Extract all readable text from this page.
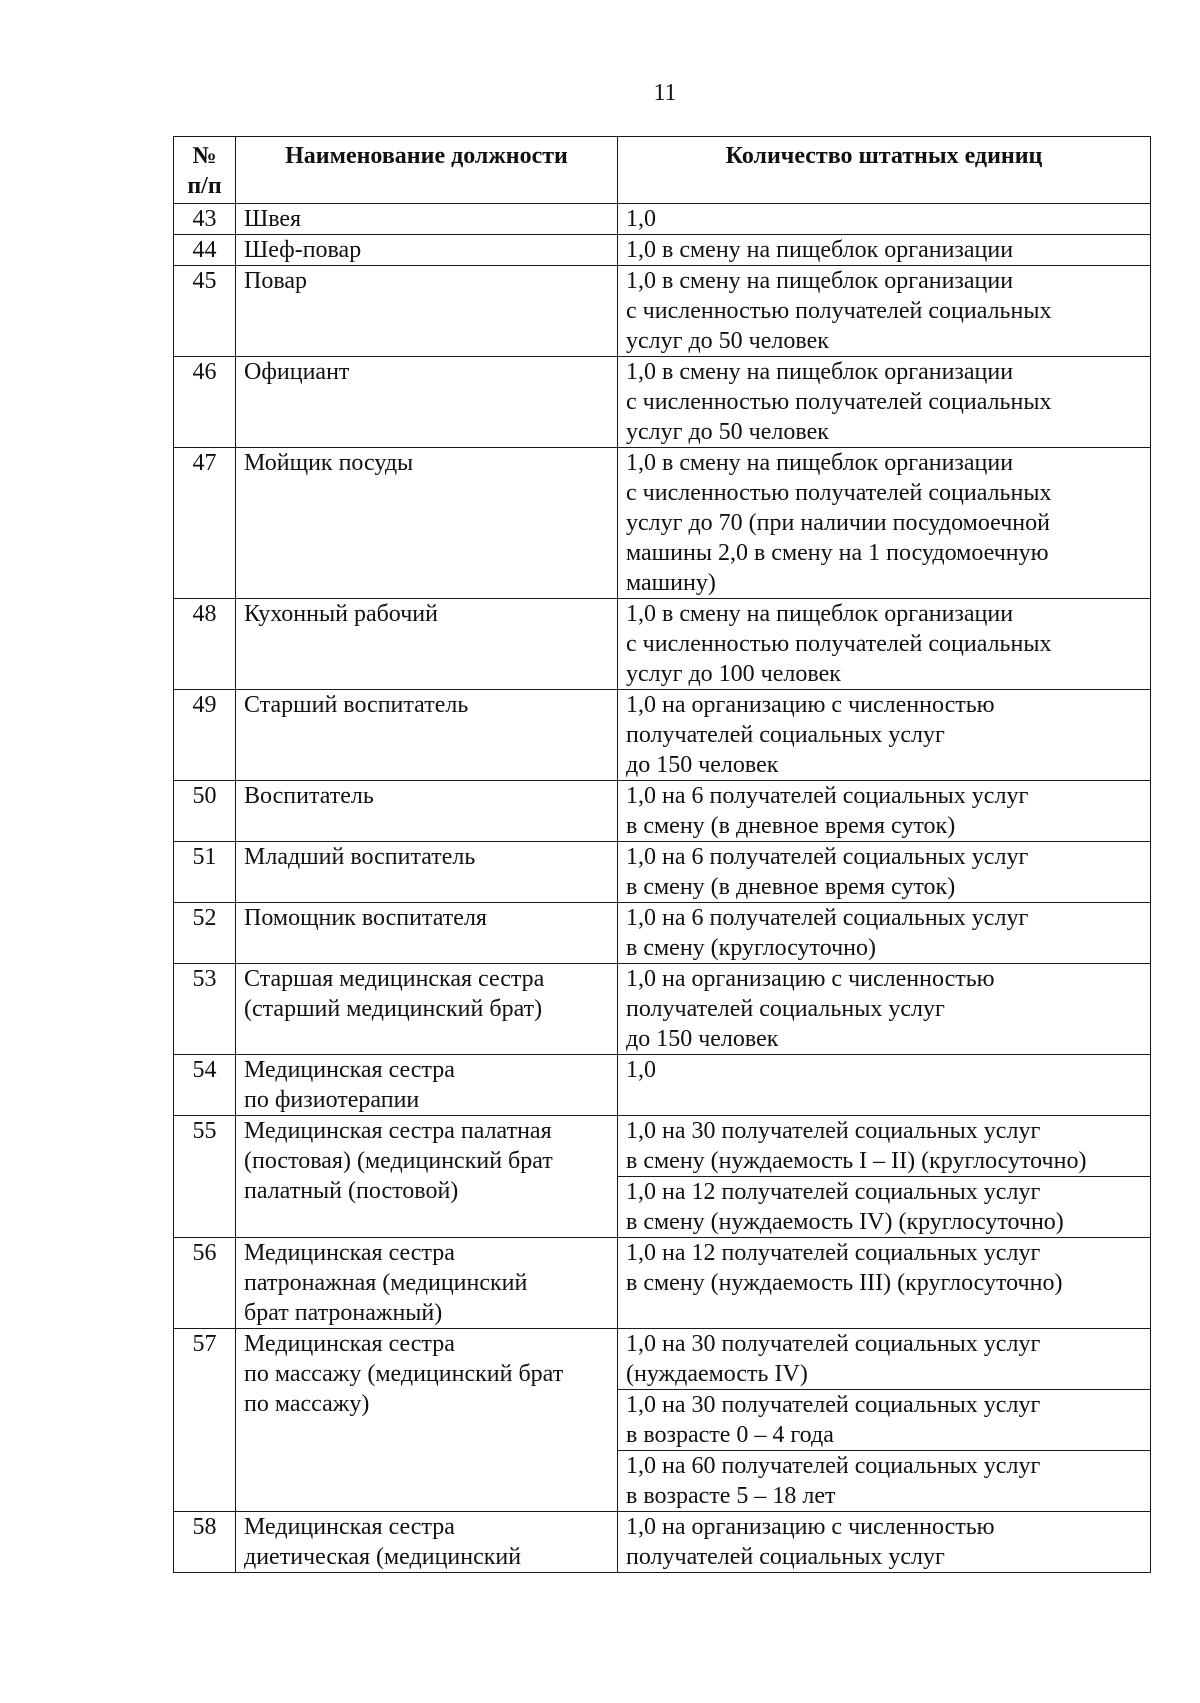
11
№
п/п	Наименование должности	Количество штатных единиц
43	Швея	1,0

44	Шеф-повар	1,0 в смену на пищеблок организации

45	Повар	1,0 в смену на пищеблок организации
с численностью получателей социальных
услуг до 50 человек

46	Официант	1,0 в смену на пищеблок организации
с численностью получателей социальных
услуг до 50 человек

47	Мойщик посуды	1,0 в смену на пищеблок организации
с численностью получателей социальных
услуг до 70 (при наличии посудомоечной
машины 2,0 в смену на 1 посудомоечную
машину)

48	Кухонный рабочий	1,0 в смену на пищеблок организации
с численностью получателей социальных
услуг до 100 человек

49	Старший воспитатель	1,0 на организацию с численностью
получателей социальных услуг
до 150 человек

50	Воспитатель	1,0 на 6 получателей социальных услуг
в смену (в дневное время суток)

51	Младший воспитатель	1,0 на 6 получателей социальных услуг
в смену (в дневное время суток)

52	Помощник воспитателя	1,0 на 6 получателей социальных услуг
в смену (круглосуточно)

53	Старшая медицинская сестра
(старший медицинский брат)	1,0 на организацию с численностью
получателей социальных услуг
до 150 человек

54	Медицинская сестра
по физиотерапии	1,0

55	Медицинская сестра палатная
(постовая) (медицинский брат
палатный (постовой)	1,0 на 30 получателей социальных услуг
в смену (нуждаемость I – II) (круглосуточно)

		1,0 на 12 получателей социальных услуг
в смену (нуждаемость IV) (круглосуточно)

56	Медицинская сестра
патронажная (медицинский
брат патронажный)	1,0 на 12 получателей социальных услуг
в смену (нуждаемость III) (круглосуточно)

57	Медицинская сестра
по массажу (медицинский брат
по массажу)	1,0 на 30 получателей социальных услуг
(нуждаемость IV)

		1,0 на 30 получателей социальных услуг
в возрасте 0 – 4 года

		1,0 на 60 получателей социальных услуг
в возрасте 5 – 18 лет

58	Медицинская сестра
диетическая (медицинский	1,0 на организацию с численностью
получателей социальных услуг
